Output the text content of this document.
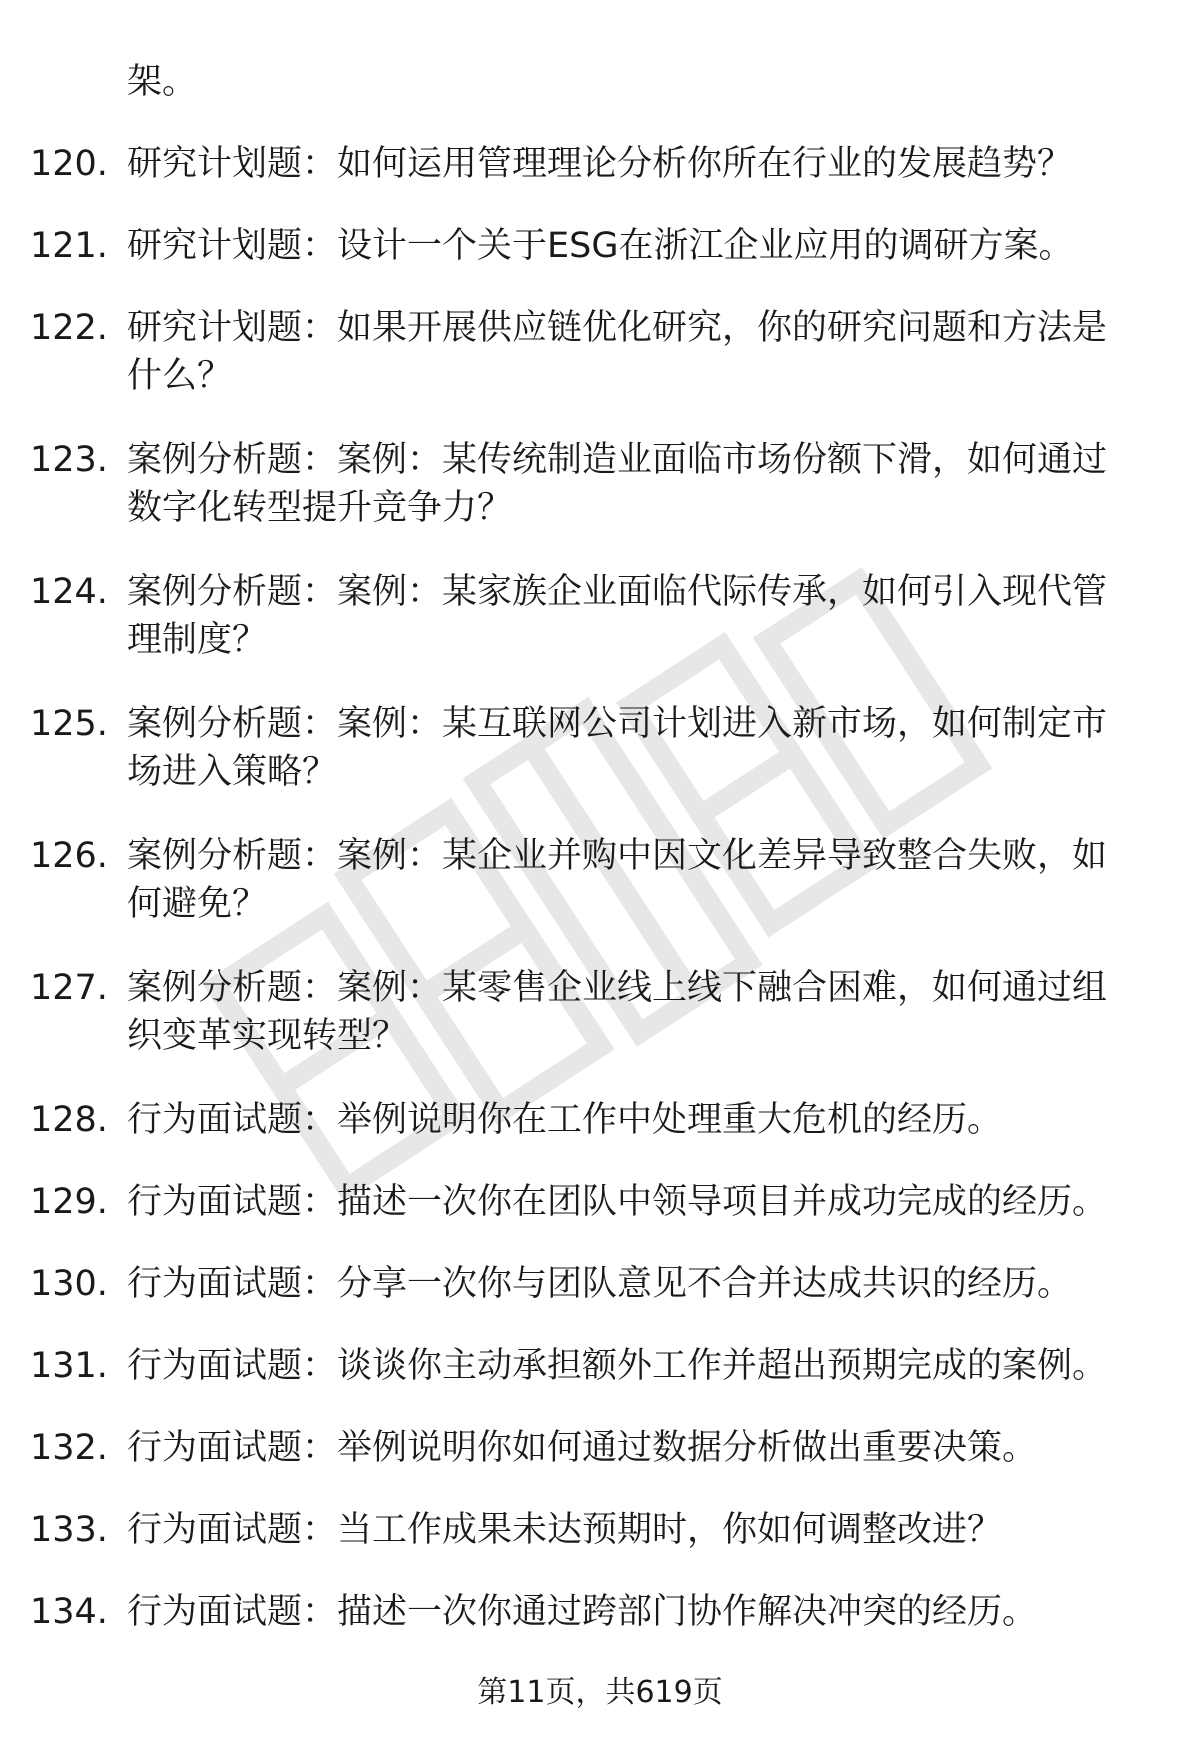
架。

120. 研究计划题：如何运用管理理论分析你所在行业的发展趋势？
121. 研究计划题：设计一个关于ESG在浙江企业应用的调研方案。
122. 研究计划题：如果开展供应链优化研究，你的研究问题和方法是什么？
123. 案例分析题：案例：某传统制造业面临市场份额下滑，如何通过数字化转型提升竞争力？
124. 案例分析题：案例：某家族企业面临代际传承，如何引入现代管理制度？
125. 案例分析题：案例：某互联网公司计划进入新市场，如何制定市场进入策略？
126. 案例分析题：案例：某企业并购中因文化差异导致整合失败，如何避免？
127. 案例分析题：案例：某零售企业线上线下融合困难，如何通过组织变革实现转型？
128. 行为面试题：举例说明你在工作中处理重大危机的经历。
129. 行为面试题：描述一次你在团队中领导项目并成功完成的经历。
130. 行为面试题：分享一次你与团队意见不合并达成共识的经历。
131. 行为面试题：谈谈你主动承担额外工作并超出预期完成的案例。
132. 行为面试题：举例说明你如何通过数据分析做出重要决策。
133. 行为面试题：当工作成果未达预期时，你如何调整改进？
134. 行为面试题：描述一次你通过跨部门协作解决冲突的经历。
第11页，共619页
